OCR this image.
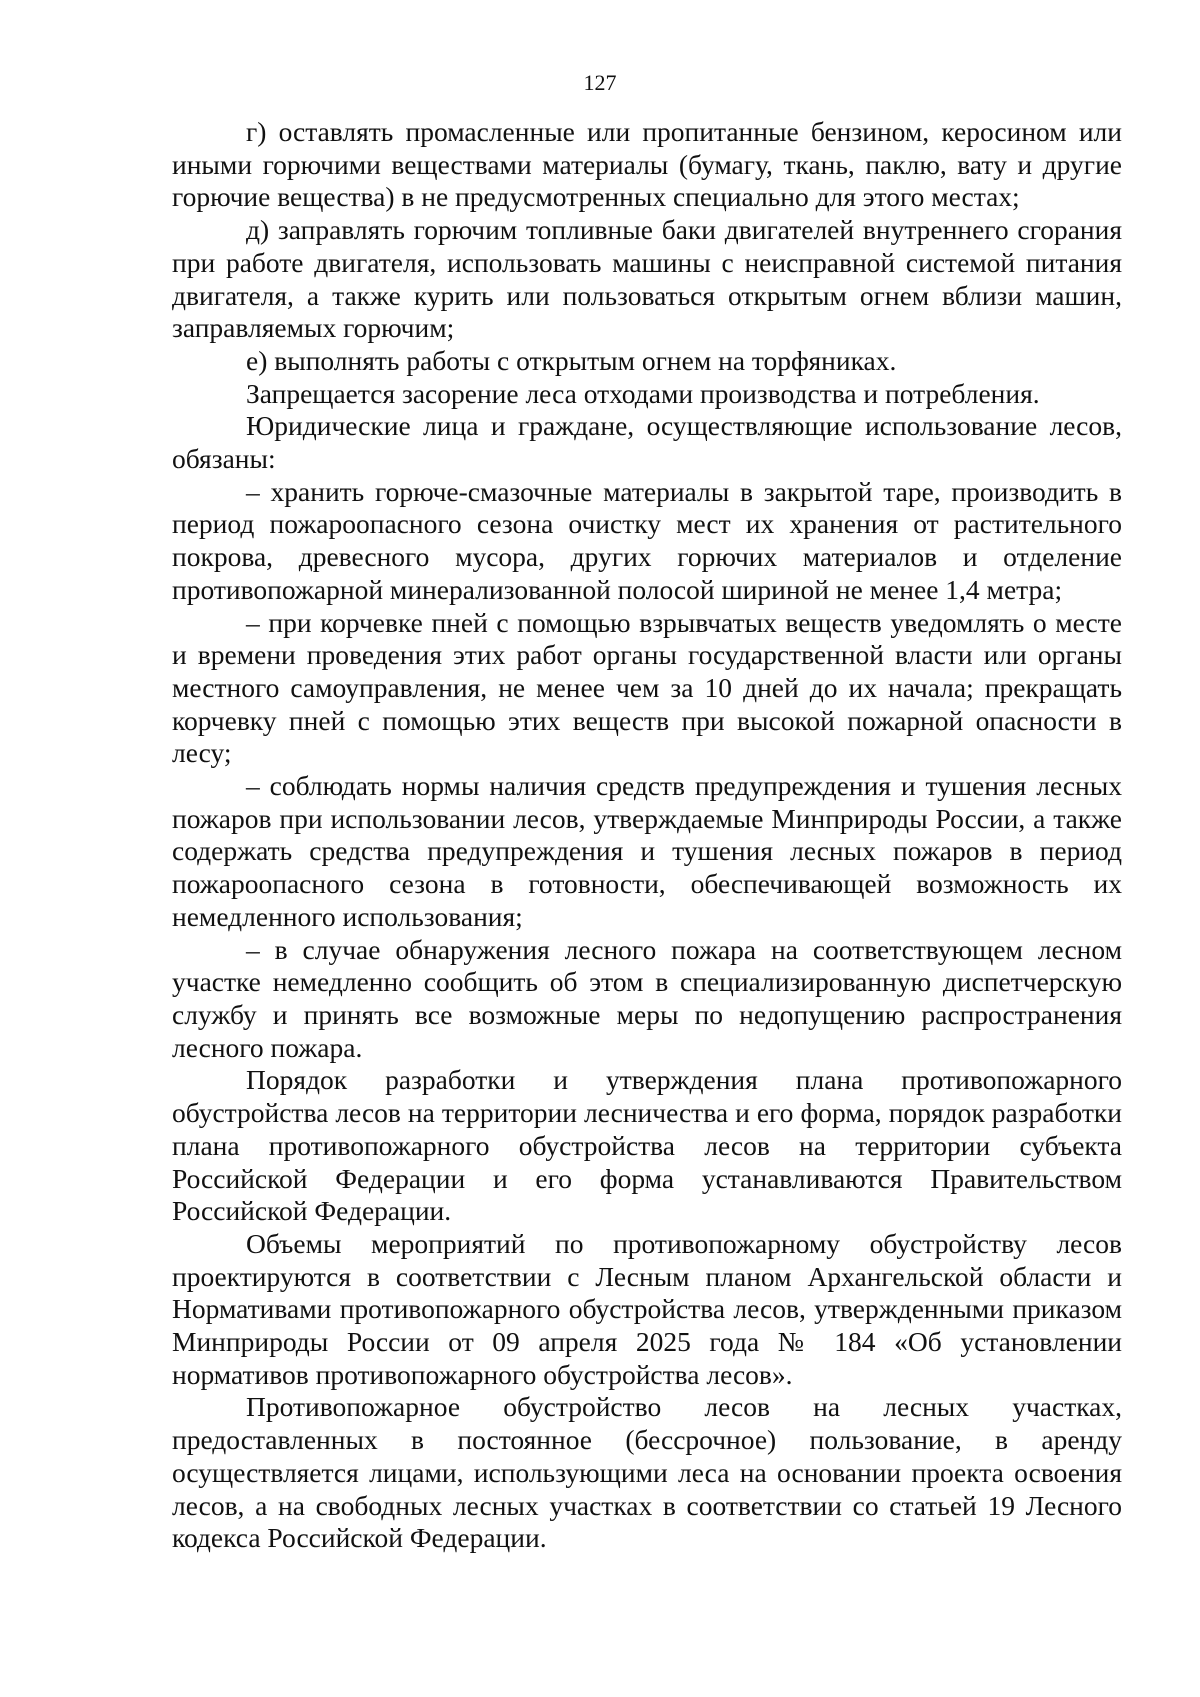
127

г) оставлять промасленные или пропитанные бензином, керосином или иными горючими веществами материалы (бумагу, ткань, паклю, вату и другие горючие вещества) в не предусмотренных специально для этого местах;

д) заправлять горючим топливные баки двигателей внутреннего сгорания при работе двигателя, использовать машины с неисправной системой питания двигателя, а также курить или пользоваться открытым огнем вблизи машин, заправляемых горючим;

е) выполнять работы с открытым огнем на торфяниках.

Запрещается засорение леса отходами производства и потребления.

Юридические лица и граждане, осуществляющие использование лесов, обязаны:

– хранить горюче-смазочные материалы в закрытой таре, производить в период пожароопасного сезона очистку мест их хранения от растительного покрова, древесного мусора, других горючих материалов и отделение противопожарной минерализованной полосой шириной не менее 1,4 метра;

– при корчевке пней с помощью взрывчатых веществ уведомлять о месте и времени проведения этих работ органы государственной власти или органы местного самоуправления, не менее чем за 10 дней до их начала; прекращать корчевку пней с помощью этих веществ при высокой пожарной опасности в лесу;

– соблюдать нормы наличия средств предупреждения и тушения лесных пожаров при использовании лесов, утверждаемые Минприроды России, а также содержать средства предупреждения и тушения лесных пожаров в период пожароопасного сезона в готовности, обеспечивающей возможность их немедленного использования;

– в случае обнаружения лесного пожара на соответствующем лесном участке немедленно сообщить об этом в специализированную диспетчерскую службу и принять все возможные меры по недопущению распространения лесного пожара.

Порядок разработки и утверждения плана противопожарного обустройства лесов на территории лесничества и его форма, порядок разработки плана противопожарного обустройства лесов на территории субъекта Российской Федерации и его форма устанавливаются Правительством Российской Федерации.

Объемы мероприятий по противопожарному обустройству лесов проектируются в соответствии с Лесным планом Архангельской области и Нормативами противопожарного обустройства лесов, утвержденными приказом Минприроды России от 09 апреля 2025 года № 184 «Об установлении нормативов противопожарного обустройства лесов».

Противопожарное обустройство лесов на лесных участках, предоставленных в постоянное (бессрочное) пользование, в аренду осуществляется лицами, использующими леса на основании проекта освоения лесов, а на свободных лесных участках в соответствии со статьей 19 Лесного кодекса Российской Федерации.
